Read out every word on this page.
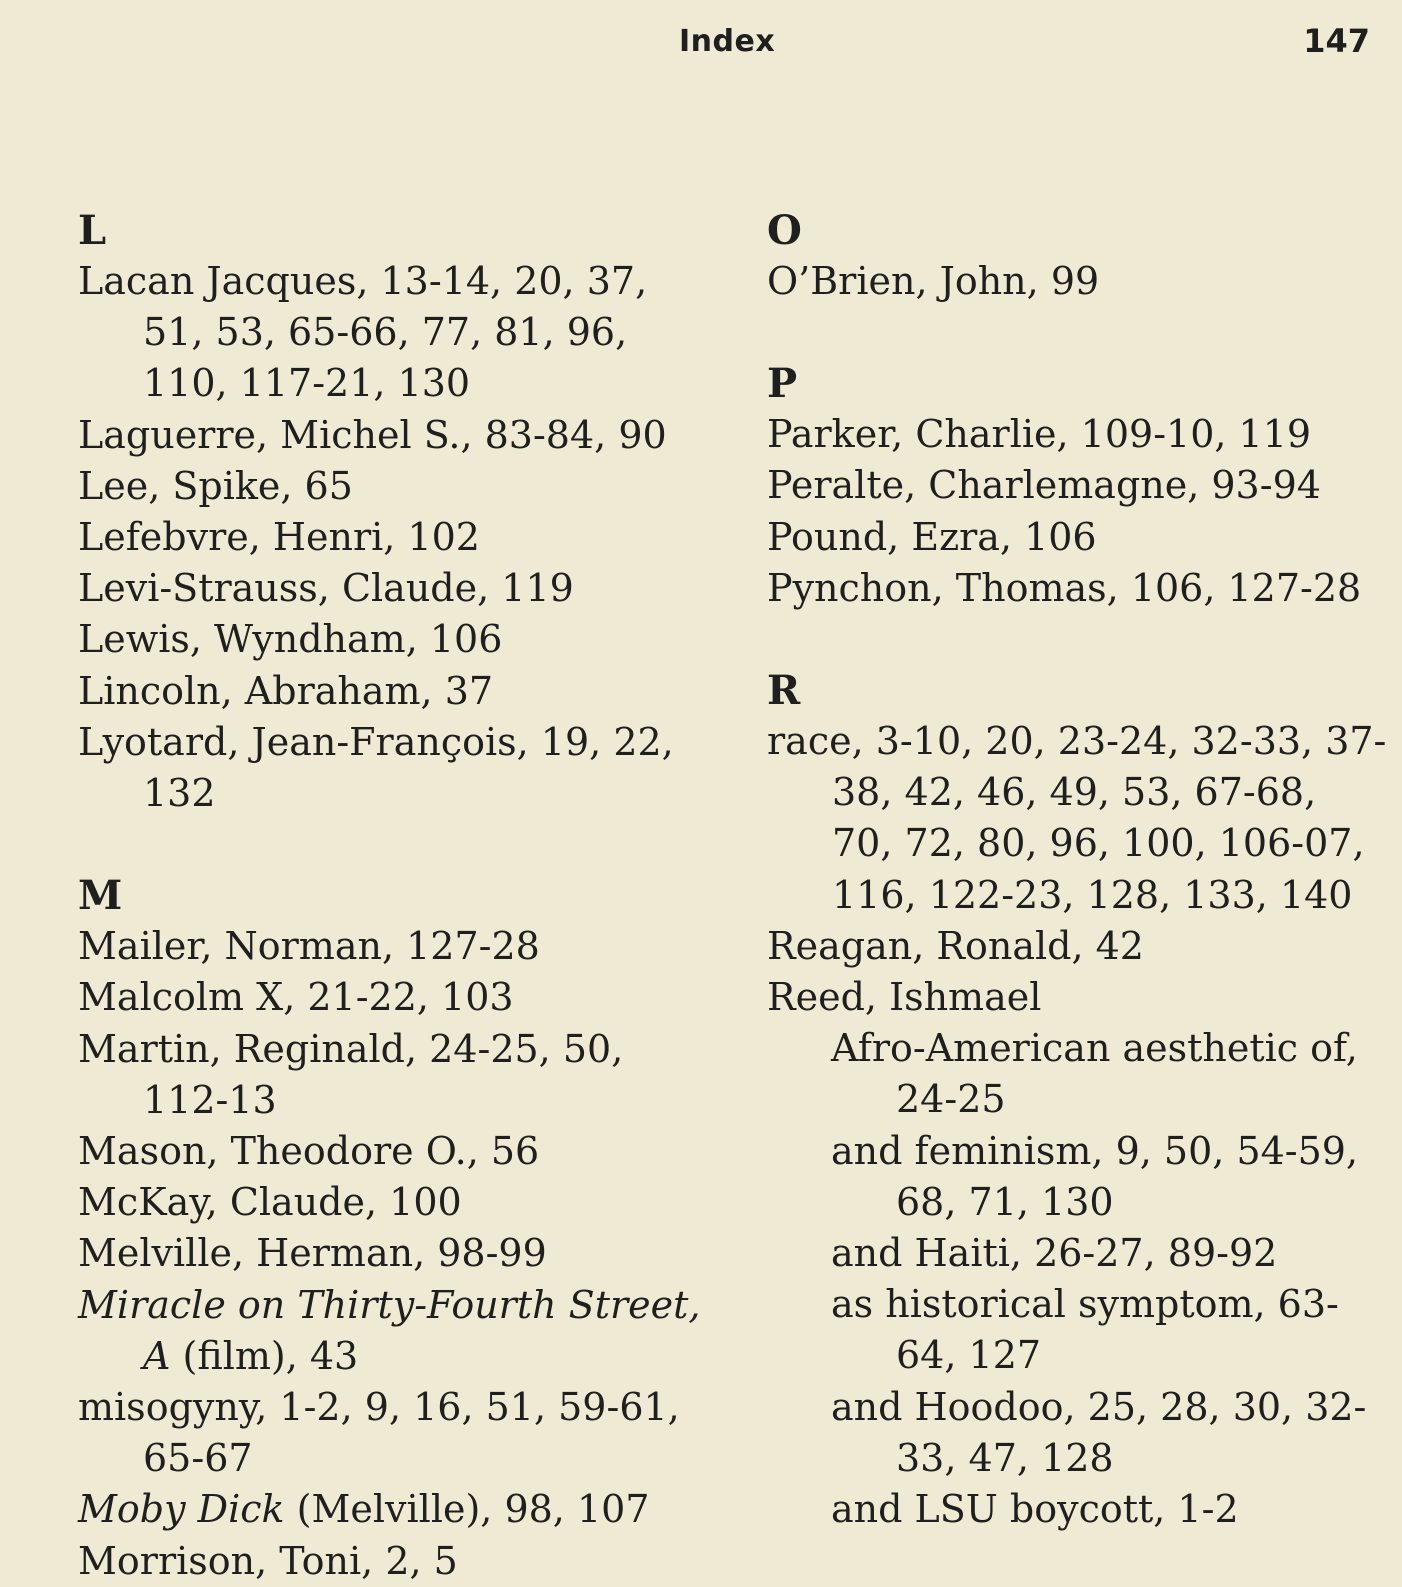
Index	147
L
Lacan Jacques, 13-14, 20, 37, 51, 53, 65-66, 77, 81, 96, 110, 117-21, 130
Laguerre, Michel S., 83-84, 90
Lee, Spike, 65
Lefebvre, Henri, 102
Levi-Strauss, Claude, 119
Lewis, Wyndham, 106
Lincoln, Abraham, 37
Lyotard, Jean-François, 19, 22, 132
M
Mailer, Norman, 127-28
Malcolm X, 21-22, 103
Martin, Reginald, 24-25, 50, 112-13
Mason, Theodore O., 56
McKay, Claude, 100
Melville, Herman, 98-99
Miracle on Thirty-Fourth Street, A (film), 43
misogyny, 1-2, 9, 16, 51, 59-61, 65-67
Moby Dick (Melville), 98, 107
Morrison, Toni, 2, 5
O
O’Brien, John, 99
P
Parker, Charlie, 109-10, 119
Peralte, Charlemagne, 93-94
Pound, Ezra, 106
Pynchon, Thomas, 106, 127-28
R
race, 3-10, 20, 23-24, 32-33, 37-38, 42, 46, 49, 53, 67-68, 70, 72, 80, 96, 100, 106-07, 116, 122-23, 128, 133, 140
Reagan, Ronald, 42
Reed, Ishmael
Afro-American aesthetic of, 24-25
and feminism, 9, 50, 54-59, 68, 71, 130
and Haiti, 26-27, 89-92
as historical symptom, 63-64, 127
and Hoodoo, 25, 28, 30, 32-33, 47, 128
and LSU boycott, 1-2
